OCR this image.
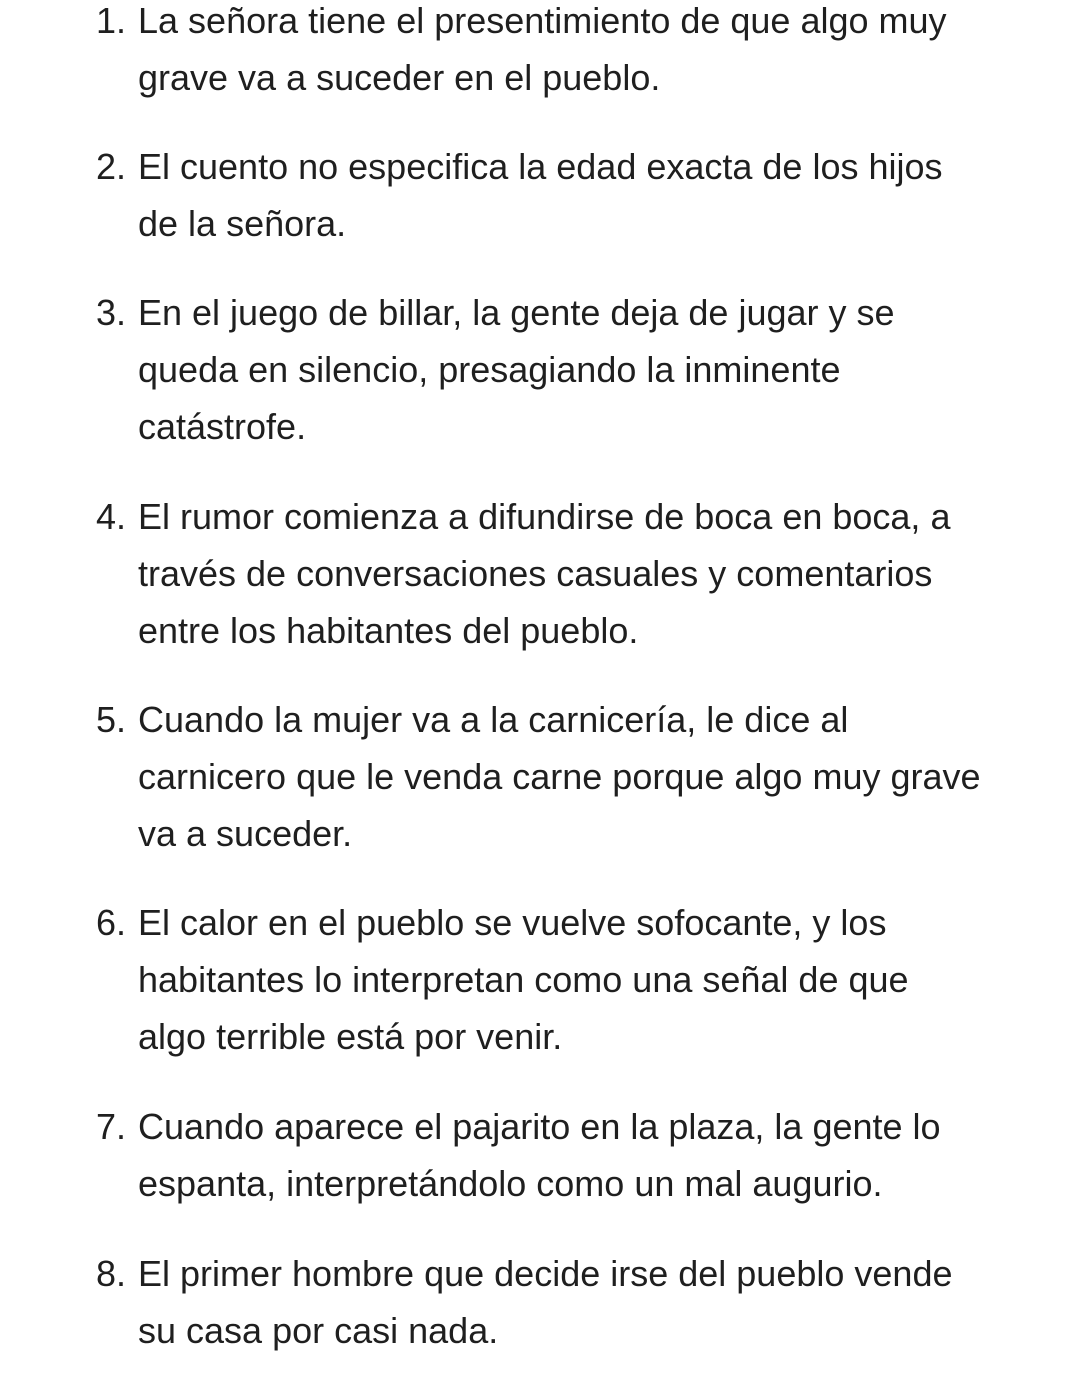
1. La señora tiene el presentimiento de que algo muy
grave va a suceder en el pueblo.
2. El cuento no especifica la edad exacta de los hijos
de la señora.
3. En el juego de billar, la gente deja de jugar y se
queda en silencio, presagiando la inminente
catástrofe.
4. El rumor comienza a difundirse de boca en boca, a
través de conversaciones casuales y comentarios
entre los habitantes del pueblo.
5. Cuando la mujer va a la carnicería, le dice al
carnicero que le venda carne porque algo muy grave
va a suceder.
6. El calor en el pueblo se vuelve sofocante, y los
habitantes lo interpretan como una señal de que
algo terrible está por venir.
7. Cuando aparece el pajarito en la plaza, la gente lo
espanta, interpretándolo como un mal augurio.
8. El primer hombre que decide irse del pueblo vende
su casa por casi nada.
